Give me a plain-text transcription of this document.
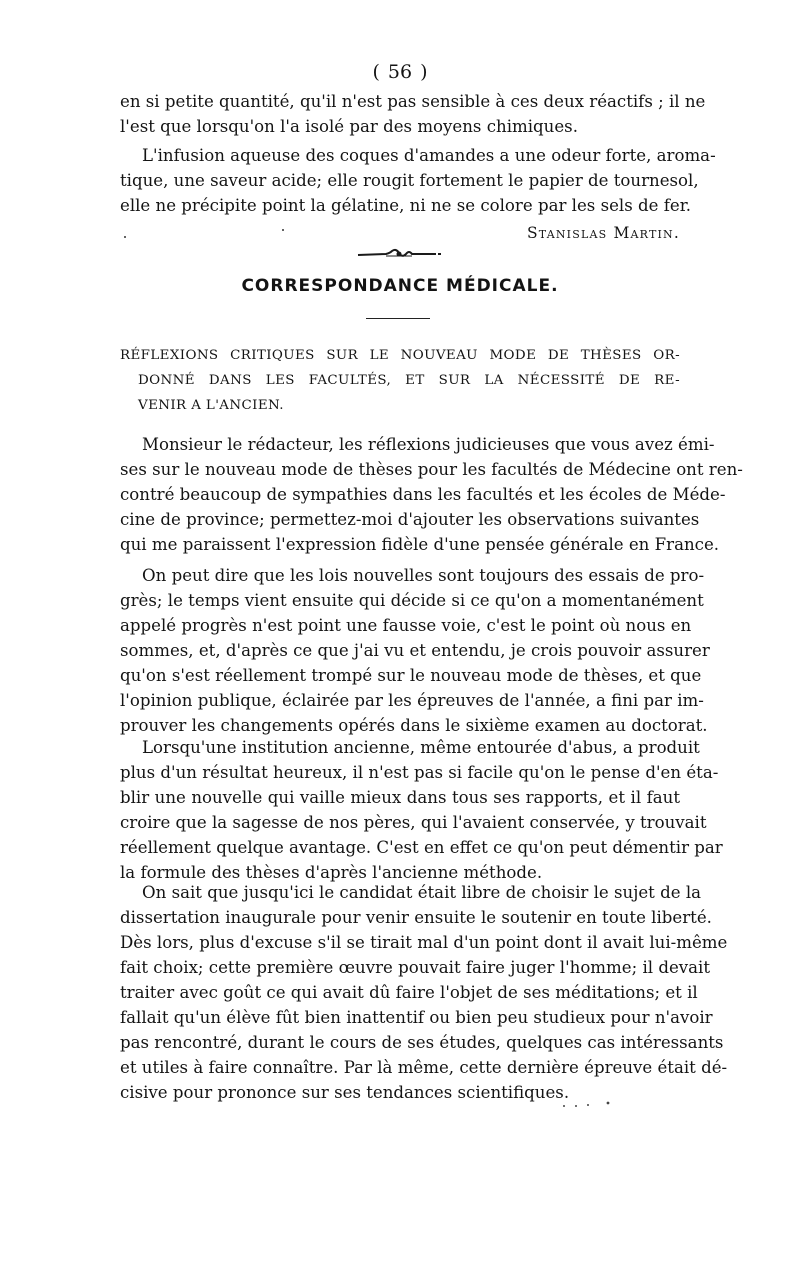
( 56 )
en si petite quantité, qu'il n'est pas sensible à ces deux réactifs ; il ne
l'est que lorsqu'on l'a isolé par des moyens chimiques.
L'infusion aqueuse des coques d'amandes a une odeur forte, aroma-
tique, une saveur acide; elle rougit fortement le papier de tournesol,
elle ne précipite point la gélatine, ni ne se colore par les sels de fer.
Stanislas Martin.
CORRESPONDANCE MÉDICALE.
RÉFLEXIONS CRITIQUES SUR LE NOUVEAU MODE DE THÈSES OR-
DONNÉ DANS LES FACULTÉS, ET SUR LA NÉCESSITÉ DE RE-
VENIR A L'ANCIEN.
Monsieur le rédacteur, les réflexions judicieuses que vous avez émi-
ses sur le nouveau mode de thèses pour les facultés de Médecine ont ren-
contré beaucoup de sympathies dans les facultés et les écoles de Méde-
cine de province; permettez-moi d'ajouter les observations suivantes
qui me paraissent l'expression fidèle d'une pensée générale en France.
On peut dire que les lois nouvelles sont toujours des essais de pro-
grès; le temps vient ensuite qui décide si ce qu'on a momentanément
appelé progrès n'est point une fausse voie, c'est le point où nous en
sommes, et, d'après ce que j'ai vu et entendu, je crois pouvoir assurer
qu'on s'est réellement trompé sur le nouveau mode de thèses, et que
l'opinion publique, éclairée par les épreuves de l'année, a fini par im-
prouver les changements opérés dans le sixième examen au doctorat.
Lorsqu'une institution ancienne, même entourée d'abus, a produit
plus d'un résultat heureux, il n'est pas si facile qu'on le pense d'en éta-
blir une nouvelle qui vaille mieux dans tous ses rapports, et il faut
croire que la sagesse de nos pères, qui l'avaient conservée, y trouvait
réellement quelque avantage. C'est en effet ce qu'on peut démentir par
la formule des thèses d'après l'ancienne méthode.
On sait que jusqu'ici le candidat était libre de choisir le sujet de la
dissertation inaugurale pour venir ensuite le soutenir en toute liberté.
Dès lors, plus d'excuse s'il se tirait mal d'un point dont il avait lui-même
fait choix; cette première œuvre pouvait faire juger l'homme; il devait
traiter avec goût ce qui avait dû faire l'objet de ses méditations; et il
fallait qu'un élève fût bien inattentif ou bien peu studieux pour n'avoir
pas rencontré, durant le cours de ses études, quelques cas intéressants
et utiles à faire connaître. Par là même, cette dernière épreuve était dé-
cisive pour prononce sur ses tendances scientifiques.
